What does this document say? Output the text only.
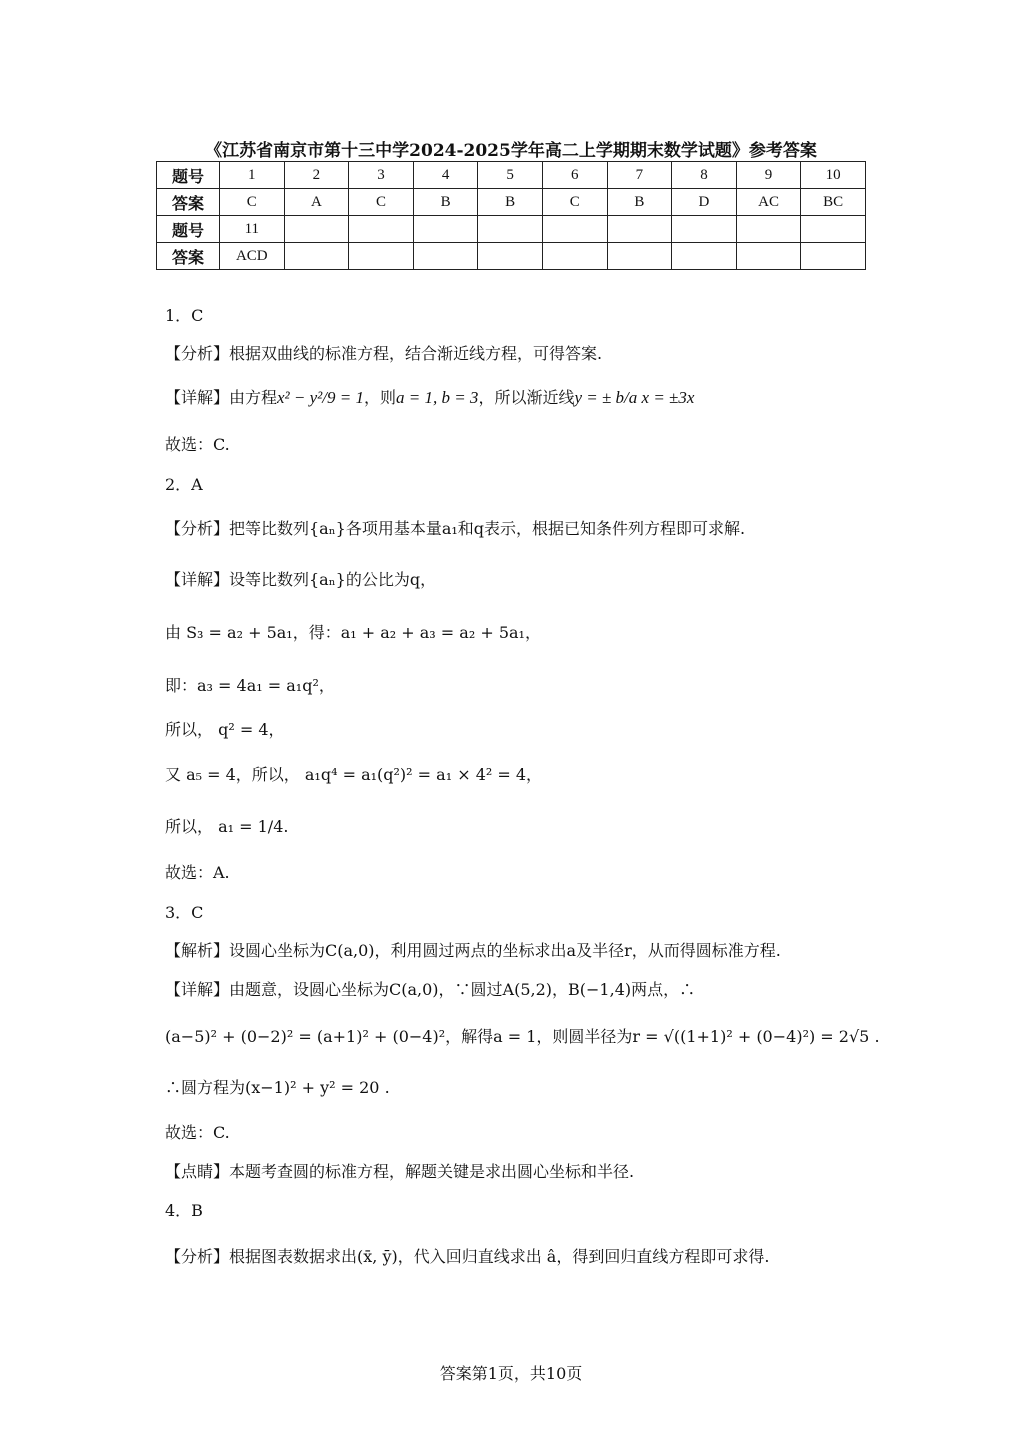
《江苏省南京市第十三中学2024-2025学年高二上学期期末数学试题》参考答案
题号	1	2	3	4	5	6	7	8	9	10
答案	C	A	C	B	B	C	B	D	AC	BC
题号	11									
答案	ACD									
1．C
【分析】根据双曲线的标准方程，结合渐近线方程，可得答案.
【详解】由方程x² − y²/9 = 1，则a = 1, b = 3，所以渐近线y = ± b/a x = ±3x
故选：C.
2．A
【分析】把等比数列{aₙ}各项用基本量a₁和q表示，根据已知条件列方程即可求解.
【详解】设等比数列{aₙ}的公比为q，
由 S₃ = a₂ + 5a₁，得：a₁ + a₂ + a₃ = a₂ + 5a₁，
即：a₃ = 4a₁ = a₁q²，
所以， q² = 4，
又 a₅ = 4，所以， a₁q⁴ = a₁(q²)² = a₁ × 4² = 4，
所以， a₁ = 1/4.
故选：A.
3．C
【解析】设圆心坐标为C(a,0)，利用圆过两点的坐标求出a及半径r，从而得圆标准方程.
【详解】由题意，设圆心坐标为C(a,0)，∵圆过A(5,2)，B(−1,4)两点，∴
(a−5)² + (0−2)² = (a+1)² + (0−4)²，解得a = 1，则圆半径为r = √((1+1)² + (0−4)²) = 2√5 .
∴圆方程为(x−1)² + y² = 20 .
故选：C.
【点睛】本题考查圆的标准方程，解题关键是求出圆心坐标和半径.
4．B
【分析】根据图表数据求出(x̄, ȳ)，代入回归直线求出 â，得到回归直线方程即可求得.
答案第1页，共10页
